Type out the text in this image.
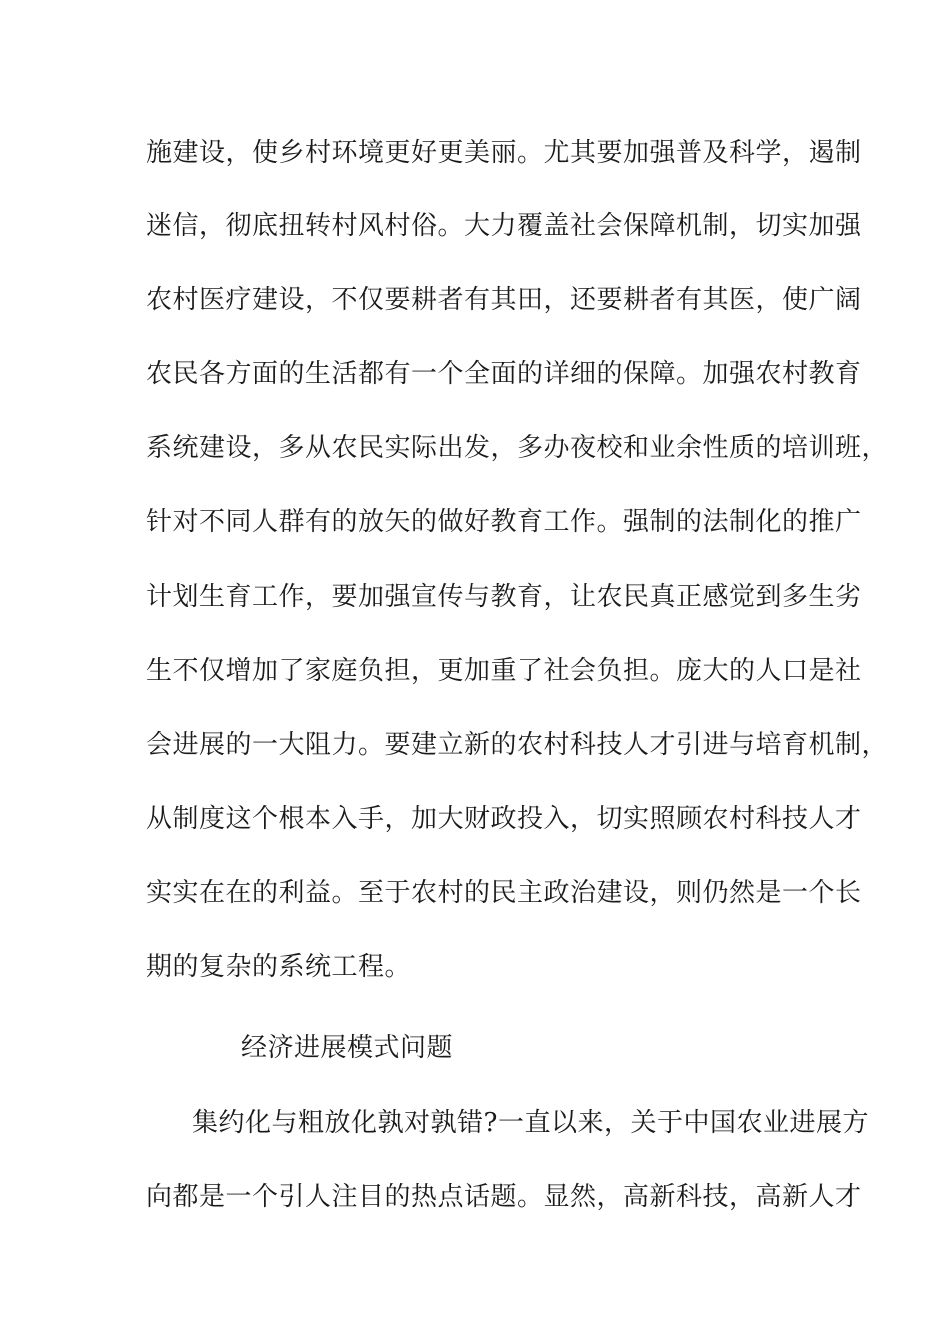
施建设，使乡村环境更好更美丽。尤其要加强普及科学，遏制
迷信，彻底扭转村风村俗。大力覆盖社会保障机制，切实加强
农村医疗建设，不仅要耕者有其田，还要耕者有其医，使广阔
农民各方面的生活都有一个全面的详细的保障。加强农村教育
系统建设，多从农民实际出发，多办夜校和业余性质的培训班，
针对不同人群有的放矢的做好教育工作。强制的法制化的推广
计划生育工作，要加强宣传与教育，让农民真正感觉到多生劣
生不仅增加了家庭负担，更加重了社会负担。庞大的人口是社
会进展的一大阻力。要建立新的农村科技人才引进与培育机制，
从制度这个根本入手，加大财政投入，切实照顾农村科技人才
实实在在的利益。至于农村的民主政治建设，则仍然是一个长
期的复杂的系统工程。
经济进展模式问题
集约化与粗放化孰对孰错?一直以来，关于中国农业进展方
向都是一个引人注目的热点话题。显然，高新科技，高新人才
